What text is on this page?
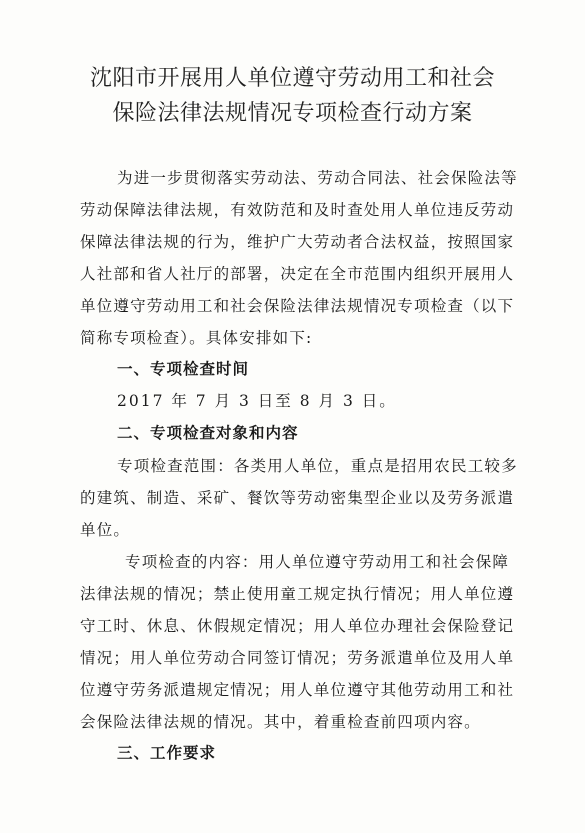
沈阳市开展用人单位遵守劳动用工和社会
保险法律法规情况专项检查行动方案
为进一步贯彻落实劳动法、劳动合同法、社会保险法等
劳动保障法律法规，有效防范和及时查处用人单位违反劳动
保障法律法规的行为，维护广大劳动者合法权益，按照国家
人社部和省人社厅的部署，决定在全市范围内组织开展用人
单位遵守劳动用工和社会保险法律法规情况专项检查（以下
简称专项检查）。具体安排如下:
一、专项检查时间
2017 年 7 月 3 日至 8 月 3 日。
二、专项检查对象和内容
专项检查范围：各类用人单位，重点是招用农民工较多
的建筑、制造、采矿、餐饮等劳动密集型企业以及劳务派遣
单位。
专项检查的内容：用人单位遵守劳动用工和社会保障
法律法规的情况；禁止使用童工规定执行情况；用人单位遵
守工时、休息、休假规定情况；用人单位办理社会保险登记
情况；用人单位劳动合同签订情况；劳务派遣单位及用人单
位遵守劳务派遣规定情况；用人单位遵守其他劳动用工和社
会保险法律法规的情况。其中，着重检查前四项内容。
三、工作要求
